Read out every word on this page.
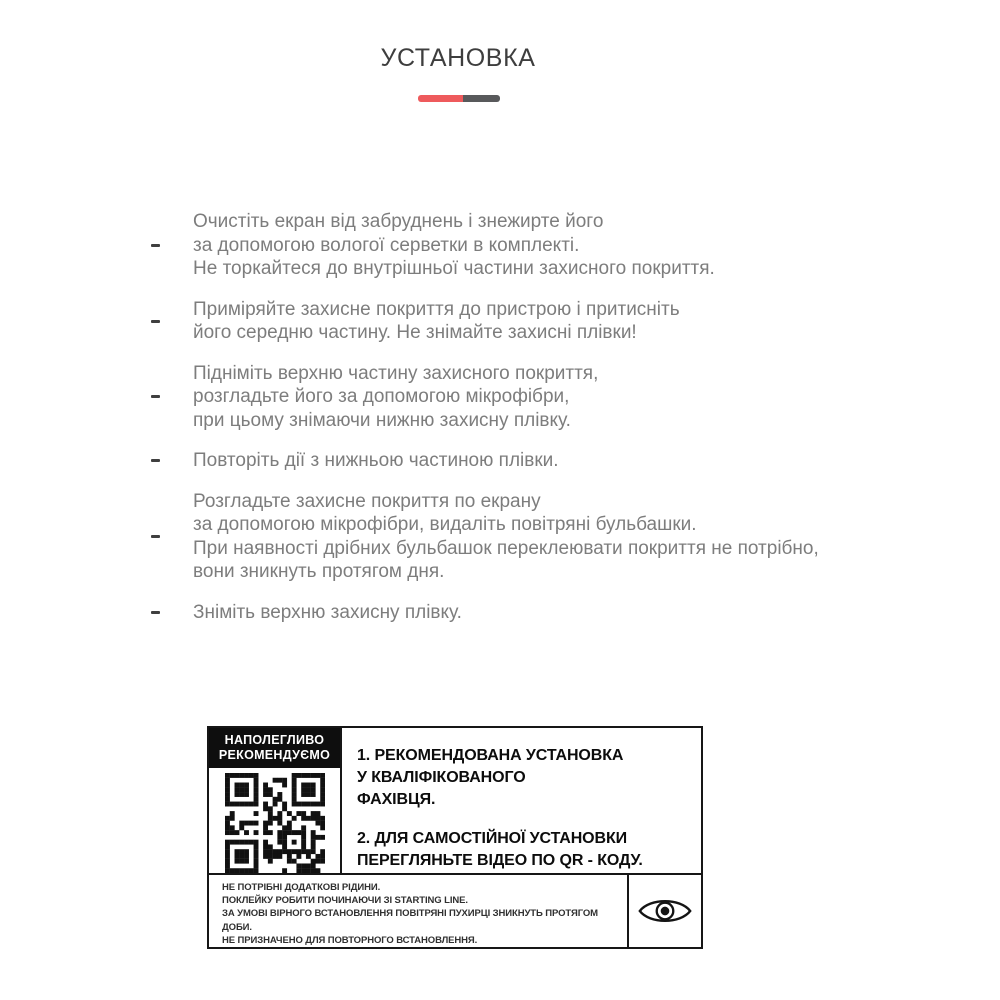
УСТАНОВКА
Очистіть екран від забруднень і знежирте його
за допомогою вологої серветки в комплекті.
Не торкайтеся до внутрішньої частини захисного покриття.
Приміряйте захисне покриття до пристрою і притисніть
його середню частину. Не знімайте захисні плівки!
Підніміть верхню частину захисного покриття,
розгладьте його за допомогою мікрофібри,
при цьому знімаючи нижню захисну плівку.
Повторіть дії з нижньою частиною плівки.
Розгладьте захисне покриття по екрану
за допомогою мікрофібри, видаліть повітряні бульбашки.
При наявності дрібних бульбашок переклеювати покриття не потрібно,
вони зникнуть протягом дня.
Зніміть верхню захисну плівку.
НАПОЛЕГЛИВО
РЕКОМЕНДУЄМО 1. РЕКОМЕНДОВАНА УСТАНОВКА
У КВАЛІФІКОВАНОГО
ФАХІВЦЯ.
2. ДЛЯ САМОСТІЙНОЇ УСТАНОВКИ
ПЕРЕГЛЯНЬТЕ ВІДЕО ПО QR - КОДУ.
НЕ ПОТРІБНІ ДОДАТКОВІ РІДИНИ.
ПОКЛЕЙКУ РОБИТИ ПОЧИНАЮЧИ ЗІ STARTING LINE.
ЗА УМОВІ ВІРНОГО ВСТАНОВЛЕННЯ ПОВІТРЯНІ ПУХИРЦІ ЗНИКНУТЬ ПРОТЯГОМ ДОБИ.
НЕ ПРИЗНАЧЕНО ДЛЯ ПОВТОРНОГО ВСТАНОВЛЕННЯ.
